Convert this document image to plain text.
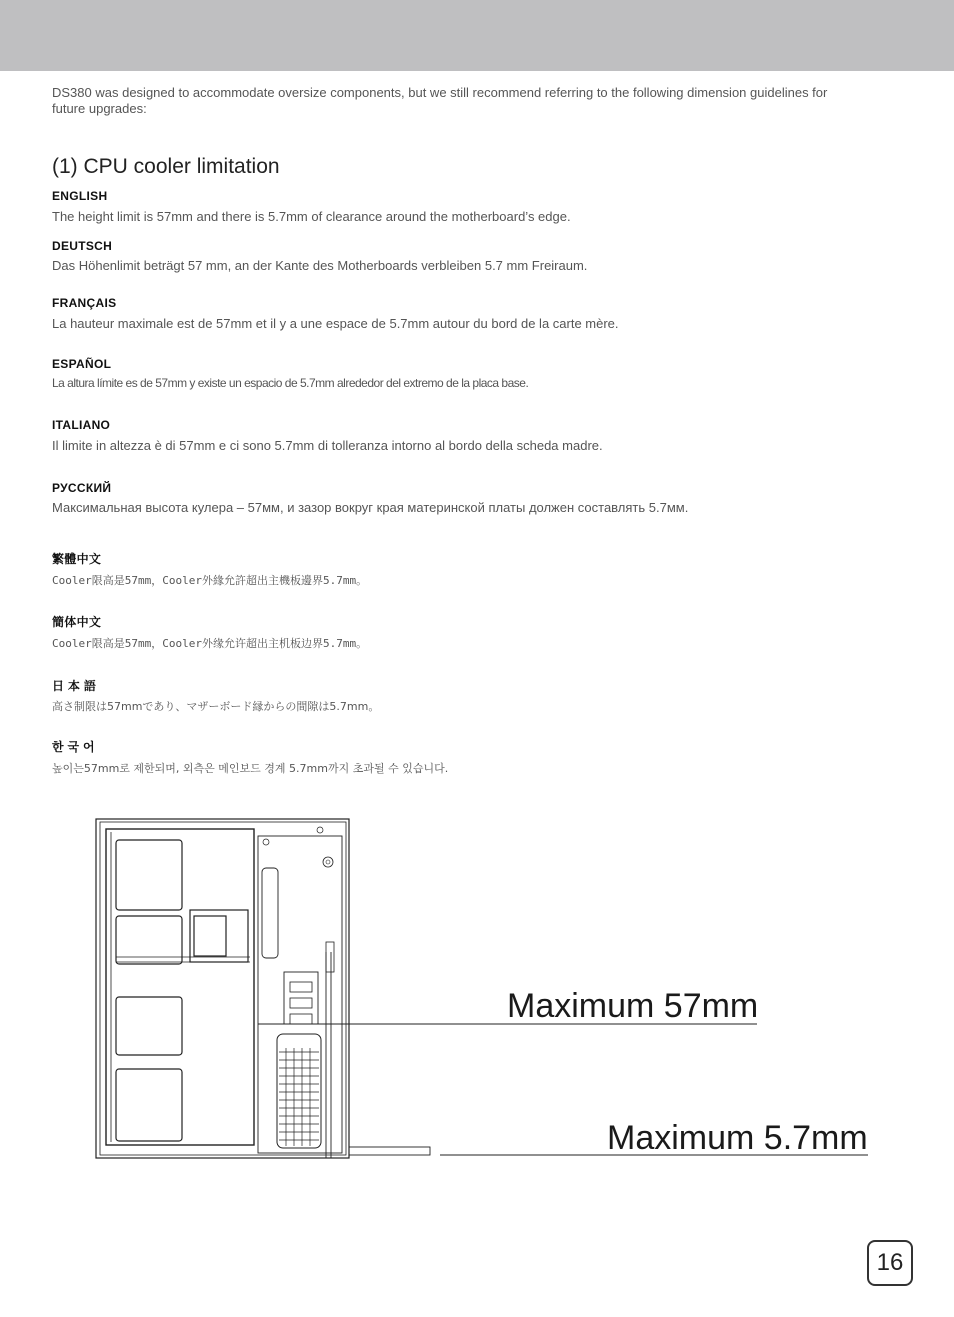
DS380 was designed to accommodate oversize components, but we still recommend referring to the following dimension guidelines for future upgrades:
(1) CPU cooler limitation
ENGLISH
The height limit is 57mm and there is 5.7mm of clearance around the motherboard’s edge.
DEUTSCH
Das Höhenlimit beträgt 57 mm, an der Kante des Motherboards verbleiben 5.7 mm Freiraum.
FRANÇAIS
La hauteur maximale est de 57mm et il y a une espace de 5.7mm autour du bord de la carte mère.
ESPAÑOL
La altura límite es de 57mm y existe un espacio de 5.7mm alrededor del extremo de la placa base.
ITALIANO
Il limite in altezza è di 57mm e ci sono 5.7mm di tolleranza intorno al bordo della scheda madre.
РУССКИЙ
Максимальная высота кулера – 57мм, и зазор вокруг края материнской платы должен составлять 5.7мм.
繁體中文
Cooler限高是57mm，Cooler外緣允許超出主機板邊界5.7mm。
簡体中文
Cooler限高是57mm，Cooler外缘允许超出主机板边界5.7mm。
日 本 語
高さ制限は57mmであり、マザーボード縁からの間隙は5.7mm。
한 국 어
높이는57mm로 제한되며, 외측은 메인보드 경계 5.7mm까지 초과될 수 있습니다.
Maximum 57mm
Maximum 5.7mm
16
